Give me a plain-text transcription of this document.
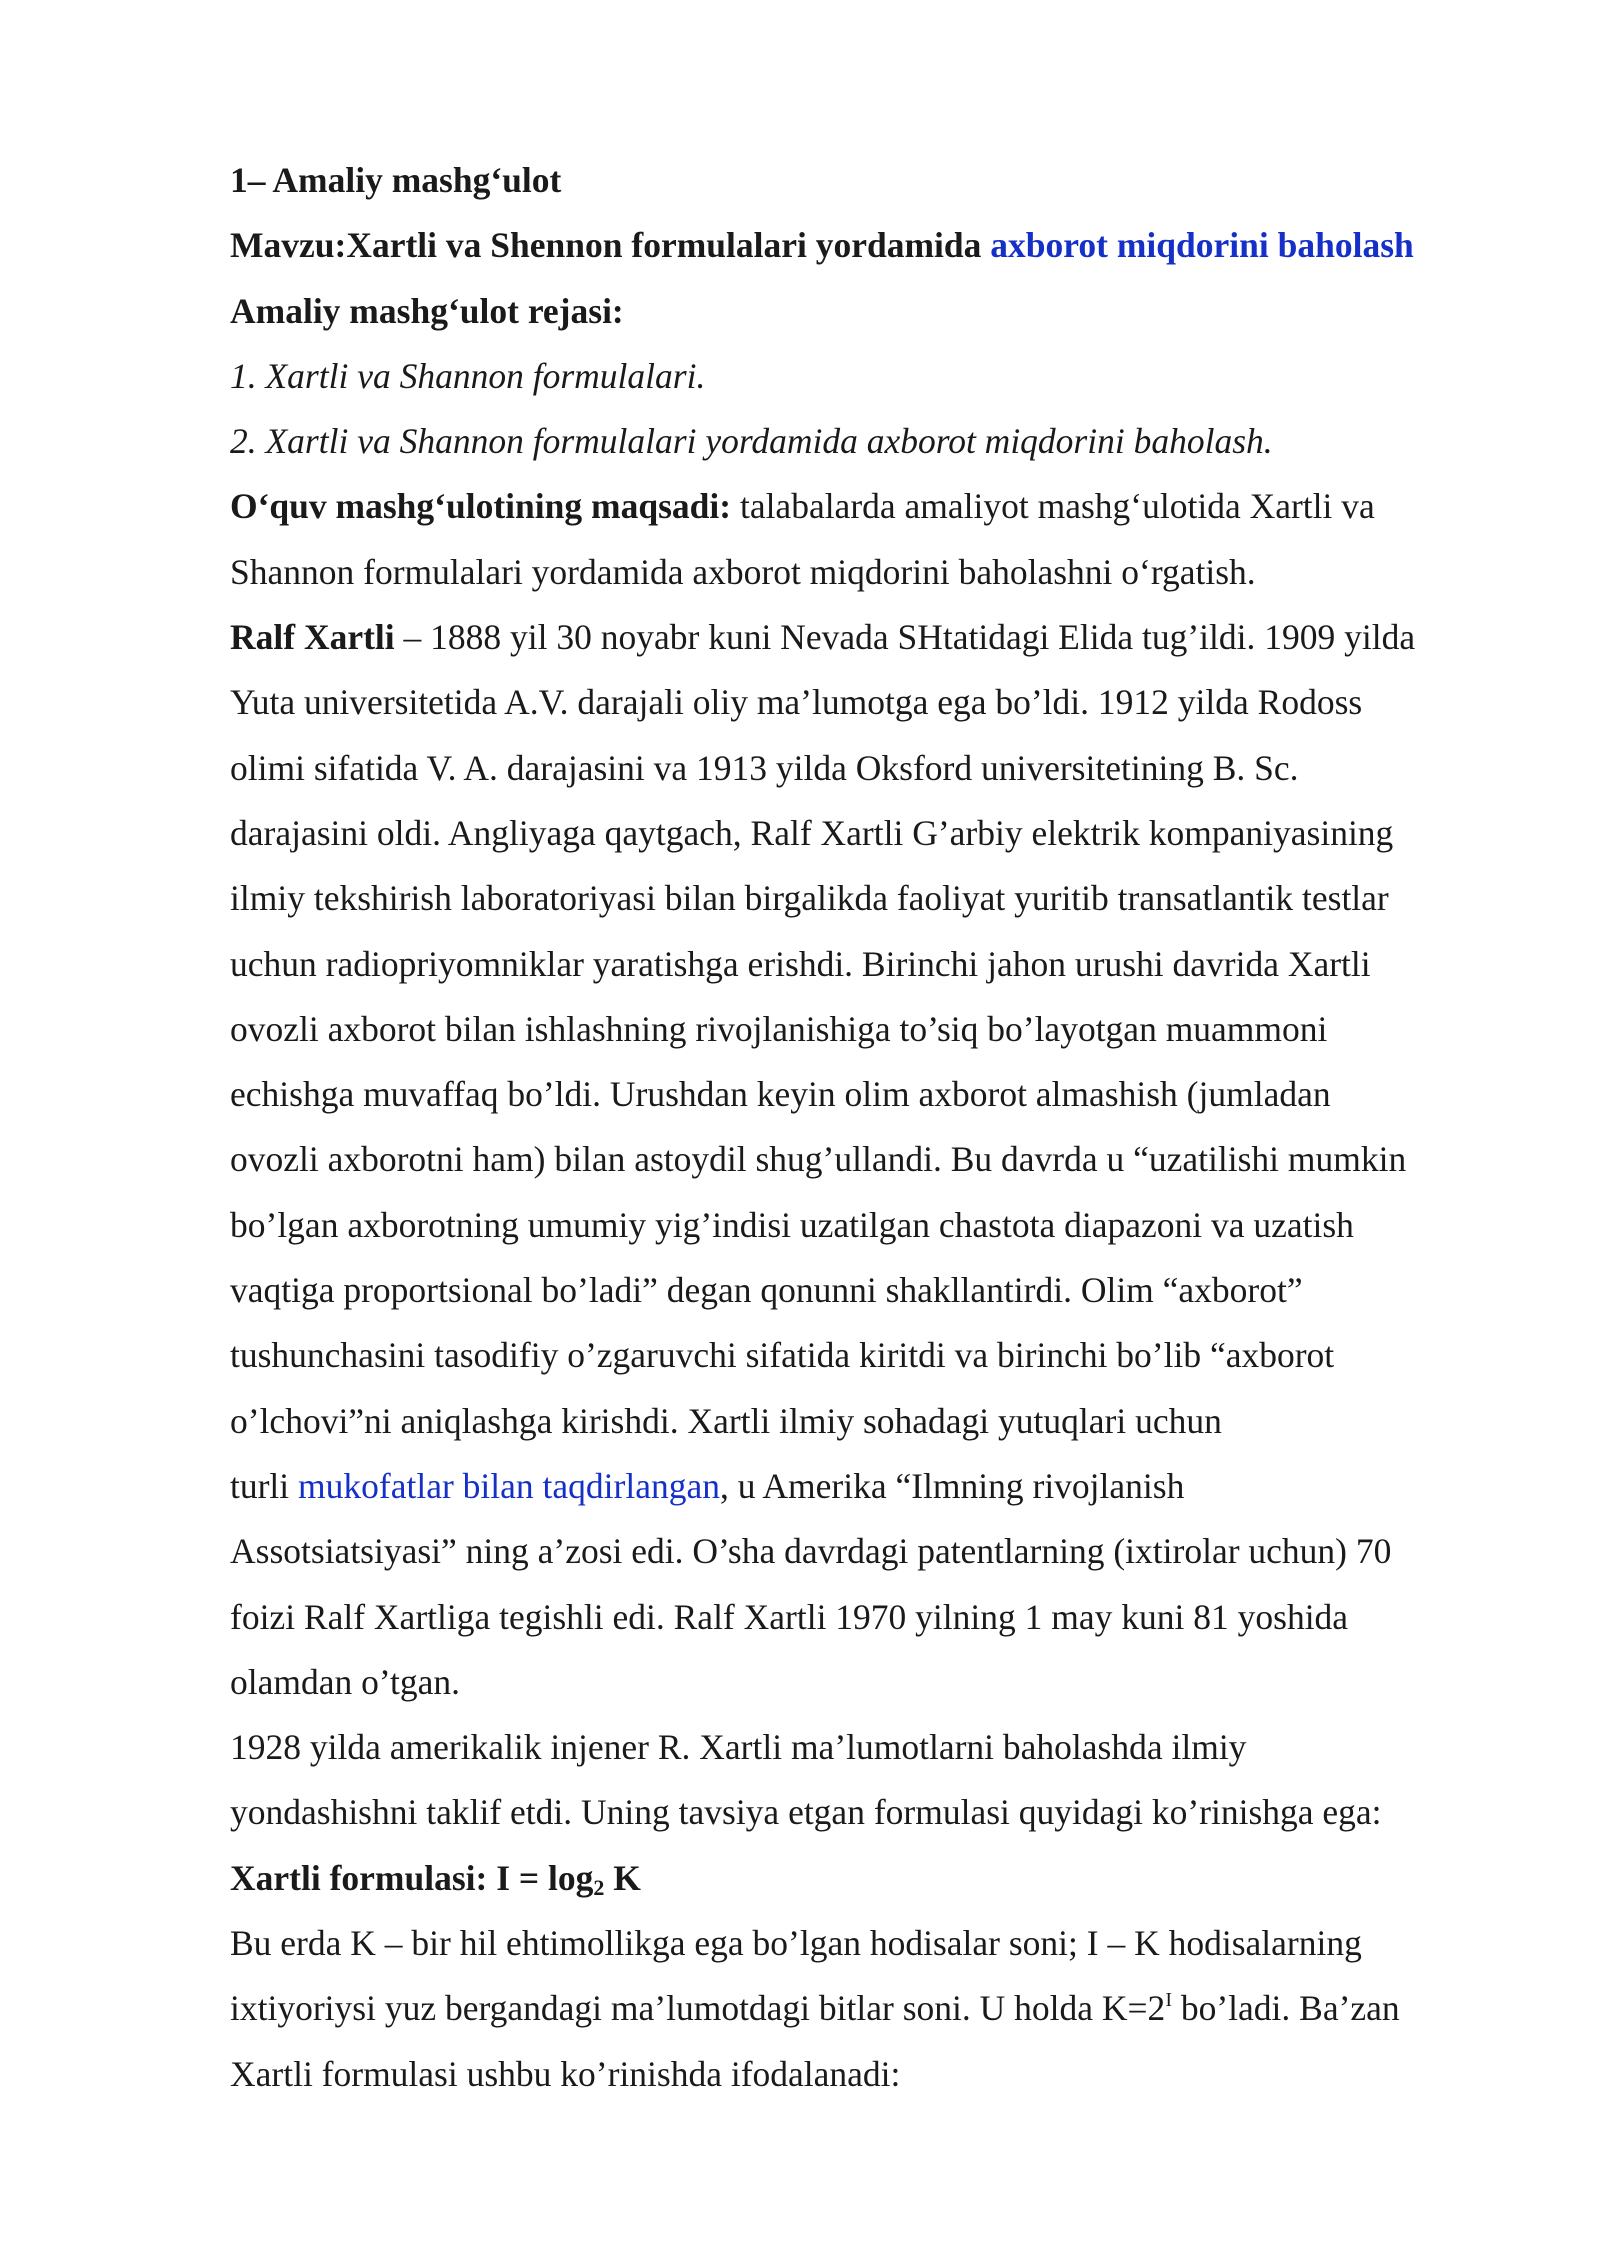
1– Amaliy mashg‘ulot
Mavzu:Xartli va Shennon formulalari yordamida axborot miqdorini baholash
Amaliy mashg‘ulot rejasi:
1. Xartli va Shannon formulalari.
2. Xartli va Shannon formulalari yordamida axborot miqdorini baholash.
O‘quv mashg‘ulotining maqsadi: talabalarda amaliyot mashg‘ulotida Xartli va
Shannon formulalari yordamida axborot miqdorini baholashni o‘rgatish.
Ralf Xartli – 1888 yil 30 noyabr kuni Nevada SHtatidagi Elida tug’ildi. 1909 yilda
Yuta universitetida A.V. darajali oliy ma’lumotga ega bo’ldi. 1912 yilda Rodoss
olimi sifatida V. A. darajasini va 1913 yilda Oksford universitetining B. Sc.
darajasini oldi. Angliyaga qaytgach, Ralf Xartli G’arbiy elektrik kompaniyasining
ilmiy tekshirish laboratoriyasi bilan birgalikda faoliyat yuritib transatlantik testlar
uchun radiopriyomniklar yaratishga erishdi. Birinchi jahon urushi davrida Xartli
ovozli axborot bilan ishlashning rivojlanishiga to’siq bo’layotgan muammoni
echishga muvaffaq bo’ldi. Urushdan keyin olim axborot almashish (jumladan
ovozli axborotni ham) bilan astoydil shug’ullandi. Bu davrda u “uzatilishi mumkin
bo’lgan axborotning umumiy yig’indisi uzatilgan chastota diapazoni va uzatish
vaqtiga proportsional bo’ladi” degan qonunni shakllantirdi. Olim “axborot”
tushunchasini tasodifiy o’zgaruvchi sifatida kiritdi va birinchi bo’lib “axborot
o’lchovi”ni aniqlashga kirishdi. Xartli ilmiy sohadagi yutuqlari uchun
turli mukofatlar bilan taqdirlangan, u Amerika “Ilmning rivojlanish
Assotsiatsiyasi” ning a’zosi edi. O’sha davrdagi patentlarning (ixtirolar uchun) 70
foizi Ralf Xartliga tegishli edi. Ralf Xartli 1970 yilning 1 may kuni 81 yoshida
olamdan o’tgan.
1928 yilda amerikalik injener R. Xartli ma’lumotlarni baholashda ilmiy
yondashishni taklif etdi. Uning tavsiya etgan formulasi quyidagi ko’rinishga ega:
Xartli formulasi: $I = \log_2 K$
Bu erda K – bir hil ehtimollikga ega bo’lgan hodisalar soni; I – K hodisalarning
ixtiyoriysi yuz bergandagi ma’lumotdagi bitlar soni. U holda $K=2^I$ bo’ladi. Ba’zan
Xartli formulasi ushbu ko’rinishda ifodalanadi:
